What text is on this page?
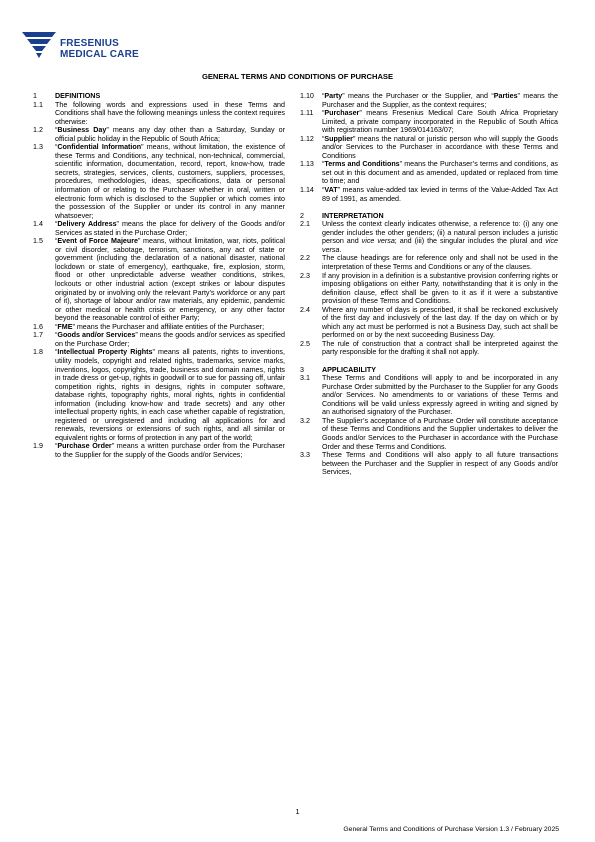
FRESENIUS
MEDICAL CARE
GENERAL TERMS AND CONDITIONS OF PURCHASE
1	DEFINITIONS
1.1	The following words and expressions used in these Terms and Conditions shall have the following meanings unless the context requires otherwise:
1.2	“Business Day” means any day other than a Saturday, Sunday or official public holiday in the Republic of South Africa;
1.3	“Confidential Information” means, without limitation, the existence of these Terms and Conditions, any technical, non-technical, commercial, scientific information, documentation, record, report, know-how, trade secrets, strategies, services, clients, customers, suppliers, processes, procedures, methodologies, ideas, specifications, data or personal information of or relating to the Purchaser whether in oral, written or electronic form which is disclosed to the Supplier or which comes into the possession of the Supplier or under its control in any manner whatsoever;
1.4	“Delivery Address” means the place for delivery of the Goods and/or Services as stated in the Purchase Order;
1.5	“Event of Force Majeure” means, without limitation, war, riots, political or civil disorder, sabotage, terrorism, sanctions, any act of state or government (including the declaration of a national disaster, national lockdown or state of emergency), earthquake, fire, explosion, storm, flood or other unpredictable adverse weather conditions, strikes, lockouts or other industrial action (except strikes or labour disputes originated by or involving only the relevant Party’s workforce or any part of it), shortage of labour and/or raw materials, any epidemic, pandemic or other medical or health crisis or emergency, or any other factor beyond the reasonable control of either Party;
1.6	“FME” means the Purchaser and affiliate entities of the Purchaser;
1.7	“Goods and/or Services” means the goods and/or services as specified on the Purchase Order;
1.8	“Intellectual Property Rights” means all patents, rights to inventions, utility models, copyright and related rights, trademarks, service marks, inventions, logos, copyrights, trade, business and domain names, rights in trade dress or get-up, rights in goodwill or to sue for passing off, unfair competition rights, rights in designs, rights in computer software, database rights, topography rights, moral rights, rights in confidential information (including know-how and trade secrets) and any other intellectual property rights, in each case whether capable of registration, registered or unregistered and including all applications for and renewals, reversions or extensions of such rights, and all similar or equivalent rights or forms of protection in any part of the world;
1.9	“Purchase Order” means a written purchase order from the Purchaser to the Supplier for the supply of the Goods and/or Services;
1.10	“Party” means the Purchaser or the Supplier, and “Parties” means the Purchaser and the Supplier, as the context requires;
1.11	“Purchaser” means Fresenius Medical Care South Africa Proprietary Limited, a private company incorporated in the Republic of South Africa with registration number 1969/014163/07;
1.12	“Supplier” means the natural or juristic person who will supply the Goods and/or Services to the Purchaser in accordance with these Terms and Conditions
1.13	“Terms and Conditions” means the Purchaser’s terms and conditions, as set out in this document and as amended, updated or replaced from time to time; and
1.14	“VAT” means value-added tax levied in terms of the Value-Added Tax Act 89 of 1991, as amended.
2	INTERPRETATION
2.1	Unless the context clearly indicates otherwise, a reference to: (i) any one gender includes the other genders; (ii) a natural person includes a juristic person and vice versa; and (iii) the singular includes the plural and vice versa.
2.2	The clause headings are for reference only and shall not be used in the interpretation of these Terms and Conditions or any of the clauses.
2.3	If any provision in a definition is a substantive provision conferring rights or imposing obligations on either Party, notwithstanding that it is only in the definition clause, effect shall be given to it as if it were a substantive provision of these Terms and Conditions.
2.4	Where any number of days is prescribed, it shall be reckoned exclusively of the first day and inclusively of the last day. If the day on which or by which any act must be performed is not a Business Day, such act shall be performed on or by the next succeeding Business Day.
2.5	The rule of construction that a contract shall be interpreted against the party responsible for the drafting it shall not apply.
3	APPLICABILITY
3.1	These Terms and Conditions will apply to and be incorporated in any Purchase Order submitted by the Purchaser to the Supplier for any Goods and/or Services. No amendments to or variations of these Terms and Conditions will be valid unless expressly agreed in writing and signed by an authorised signatory of the Purchaser.
3.2	The Supplier’s acceptance of a Purchase Order will constitute acceptance of these Terms and Conditions and the Supplier undertakes to deliver the Goods and/or Services to the Purchaser in accordance with the Purchase Order and these Terms and Conditions.
3.3	These Terms and Conditions will also apply to all future transactions between the Purchaser and the Supplier in respect of any Goods and/or Services,
1
General Terms and Conditions of Purchase Version 1.3 / February 2025
